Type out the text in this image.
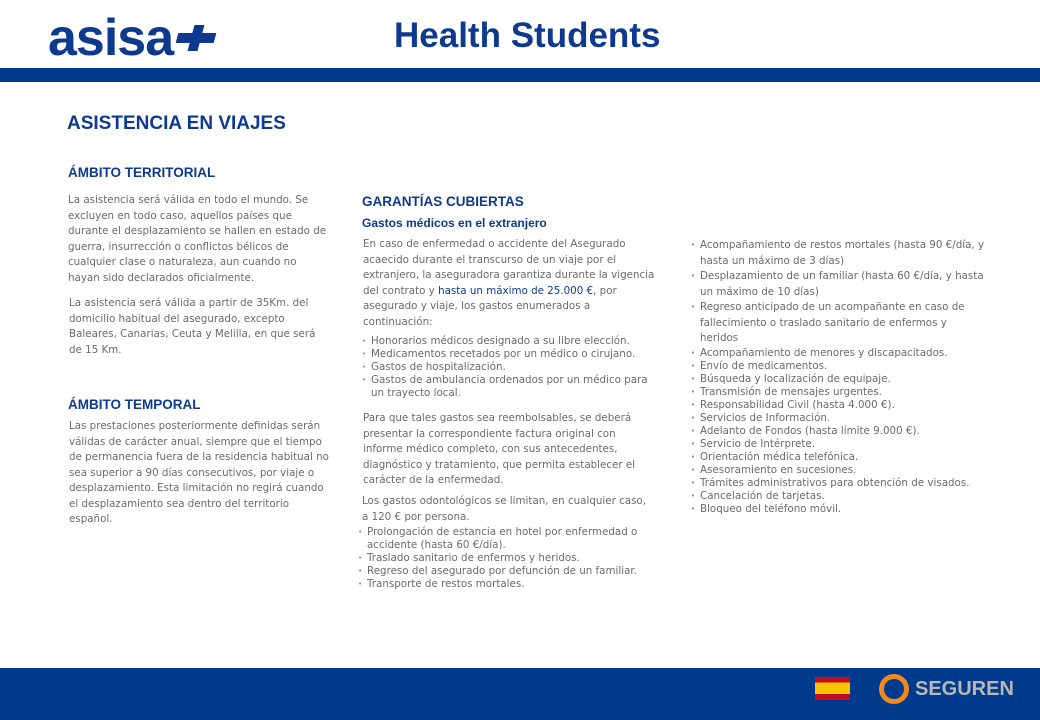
asisa	Health Students
ASISTENCIA EN VIAJES
ÁMBITO TERRITORIAL

La asistencia será válida en todo el mundo. Se excluyen en todo caso, aquellos países que durante el desplazamiento se hallen en estado de guerra, insurrección o conflictos bélicos de cualquier clase o naturaleza, aun cuando no hayan sido declarados oficialmente.

La asistencia será válida a partir de 35Km. del domicilio habitual del asegurado, excepto Baleares, Canarias, Ceuta y Melilla, en que será de 15 Km.

ÁMBITO TEMPORAL

Las prestaciones posteriormente definidas serán válidas de carácter anual, siempre que el tiempo de permanencia fuera de la residencia habitual no sea superior a 90 días consecutivos, por viaje o desplazamiento. Esta limitación no regirá cuando el desplazamiento sea dentro del territorio español.

GARANTÍAS CUBIERTAS
Gastos médicos en el extranjero

En caso de enfermedad o accidente del Asegurado acaecido durante el transcurso de un viaje por el extranjero, la aseguradora garantiza durante la vigencia del contrato y hasta un máximo de 25.000 €, por asegurado y viaje, los gastos enumerados a continuación:

• Honorarios médicos designado a su libre elección.
• Medicamentos recetados por un médico o cirujano.
• Gastos de hospitalización.
• Gastos de ambulancia ordenados por un médico para un trayecto local.

Para que tales gastos sea reembolsables, se deberá presentar la correspondiente factura original con informe médico completo, con sus antecedentes, diagnóstico y tratamiento, que permita establecer el carácter de la enfermedad.

Los gastos odontológicos se limitan, en cualquier caso, a 120 € por persona.

• Prolongación de estancia en hotel por enfermedad o accidente (hasta 60 €/día).
• Traslado sanitario de enfermos y heridos.
• Regreso del asegurado por defunción de un familiar.
• Transporte de restos mortales.
• Acompañamiento de restos mortales (hasta 90 €/día, y hasta un máximo de 3 días)
• Desplazamiento de un familiar (hasta 60 €/día, y hasta un máximo de 10 días)
• Regreso anticipado de un acompañante en caso de fallecimiento o traslado sanitario de enfermos y heridos
• Acompañamiento de menores y discapacitados.
• Envío de medicamentos.
• Búsqueda y localización de equipaje.
• Transmisión de mensajes urgentes.
• Responsabilidad Civil (hasta 4.000 €).
• Servicios de Información.
• Adelanto de Fondos (hasta límite 9.000 €).
• Servicio de Intérprete.
• Orientación médica telefónica.
• Asesoramiento en sucesiones.
• Trámites administrativos para obtención de visados.
• Cancelación de tarjetas.
• Bloqueo del teléfono móvil.
SEGUREN
